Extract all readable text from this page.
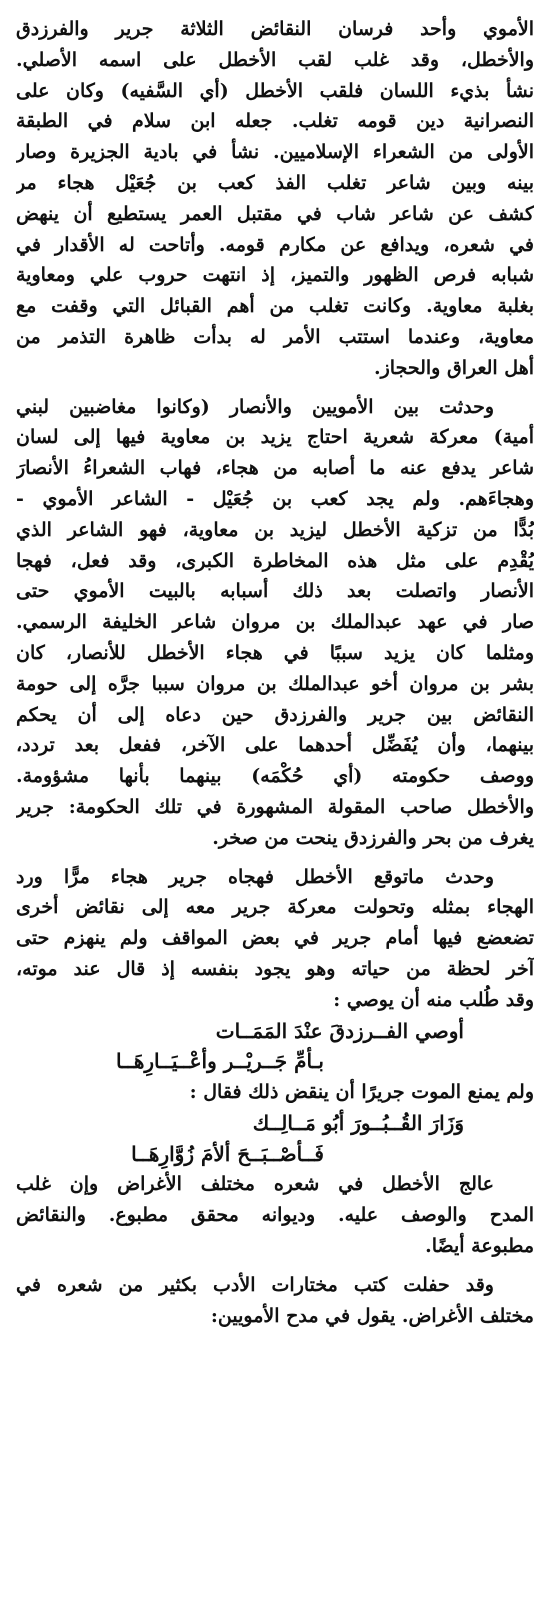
الأموي وأحد فرسان النقائض الثلاثة جرير والفرزدق
والأخطل، وقد غلب لقب الأخطل على اسمه الأصلي.
نشأ بذيء اللسان فلقب الأخطل (أي السَّفيه) وكان على
النصرانية دين قومه تغلب. جعله ابن سلام في الطبقة
الأولى من الشعراء الإسلاميين. نشأ في بادية الجزيرة وصار
بينه وبين شاعر تغلب الفذ كعب بن جُعَيْل هجاء مر
كشف عن شاعر شاب في مقتبل العمر يستطيع أن ينهض
في شعره، ويدافع عن مكارم قومه. وأتاحت له الأقدار في
شبابه فرص الظهور والتميز، إذ انتهت حروب علي ومعاوية
بغلبة معاوية. وكانت تغلب من أهم القبائل التي وقفت مع
معاوية، وعندما استتب الأمر له بدأت ظاهرة التذمر من
أهل العراق والحجاز.
وحدثت بين الأمويين والأنصار (وكانوا مغاضبين لبني
أمية) معركة شعرية احتاج يزيد بن معاوية فيها إلى لسان
شاعر يدفع عنه ما أصابه من هجاء، فهاب الشعراءُ الأنصارَ
وهجاءَهم. ولم يجد كعب بن جُعَيْل - الشاعر الأموي -
بُدًّا من تزكية الأخطل ليزيد بن معاوية، فهو الشاعر الذي
يُقْدِم على مثل هذه المخاطرة الكبرى، وقد فعل، فهجا
الأنصار واتصلت بعد ذلك أسبابه بالبيت الأموي حتى
صار في عهد عبدالملك بن مروان شاعر الخليفة الرسمي.
ومثلما كان يزيد سببًا في هجاء الأخطل للأنصار، كان
بشر بن مروان أخو عبدالملك بن مروان سببا جرَّه إلى حومة
النقائض بين جرير والفرزدق حين دعاه إلى أن يحكم
بينهما، وأن يُفَضِّل أحدهما على الآخر، ففعل بعد تردد،
ووصف حكومته (أي حُكْمَه) بينهما بأنها مشؤومة.
والأخطل صاحب المقولة المشهورة في تلك الحكومة: جرير
يغرف من بحر والفرزدق ينحت من صخر.
وحدث ماتوقع الأخطل فهجاه جرير هجاء مرًّا ورد
الهجاء بمثله وتحولت معركة جرير معه إلى نقائض أخرى
تضعضع فيها أمام جرير في بعض المواقف ولم ينهزم حتى
آخر لحظة من حياته وهو يجود بنفسه إذ قال عند موته،
وقد طُلب منه أن يوصي :
أوصي الفــرزدقَ عنْدَ المَمَــات
بـأمِّ جَــريْــر وأعْــيَــارِهَــا
ولم يمنع الموت جريرًا أن ينقض ذلك فقال :
وَزَارَ القُــبُــورَ أبُو مَــالِــك
فَــأصْــبَــحَ ألأمَ زُوَّارِهَــا
عالج الأخطل في شعره مختلف الأغراض وإن غلب
المدح والوصف عليه. وديوانه محقق مطبوع. والنقائض
مطبوعة أيضًا.
وقد حفلت كتب مختارات الأدب بكثير من شعره في
مختلف الأغراض. يقول في مدح الأمويين:
